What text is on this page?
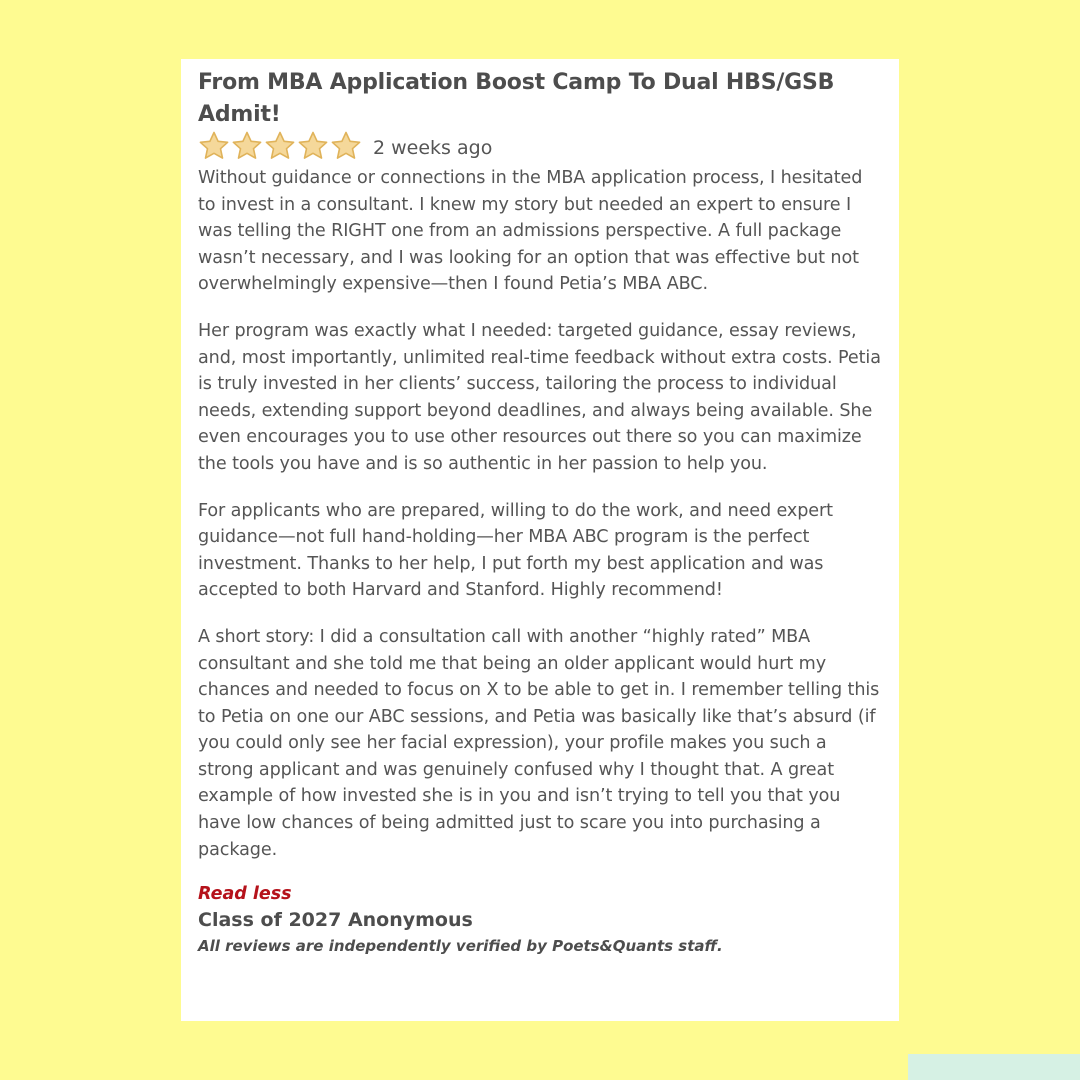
From MBA Application Boost Camp To Dual HBS/GSB Admit!
2 weeks ago

Without guidance or connections in the MBA application process, I hesitated to invest in a consultant. I knew my story but needed an expert to ensure I was telling the RIGHT one from an admissions perspective. A full package wasn’t necessary, and I was looking for an option that was effective but not overwhelmingly expensive—then I found Petia’s MBA ABC.

Her program was exactly what I needed: targeted guidance, essay reviews, and, most importantly, unlimited real-time feedback without extra costs. Petia is truly invested in her clients’ success, tailoring the process to individual needs, extending support beyond deadlines, and always being available. She even encourages you to use other resources out there so you can maximize the tools you have and is so authentic in her passion to help you.

For applicants who are prepared, willing to do the work, and need expert guidance—not full hand-holding—her MBA ABC program is the perfect investment. Thanks to her help, I put forth my best application and was accepted to both Harvard and Stanford. Highly recommend!

A short story: I did a consultation call with another “highly rated” MBA consultant and she told me that being an older applicant would hurt my chances and needed to focus on X to be able to get in. I remember telling this to Petia on one our ABC sessions, and Petia was basically like that’s absurd (if you could only see her facial expression), your profile makes you such a strong applicant and was genuinely confused why I thought that. A great example of how invested she is in you and isn’t trying to tell you that you have low chances of being admitted just to scare you into purchasing a package.

Read less
Class of 2027 Anonymous
All reviews are independently verified by Poets&Quants staff.
